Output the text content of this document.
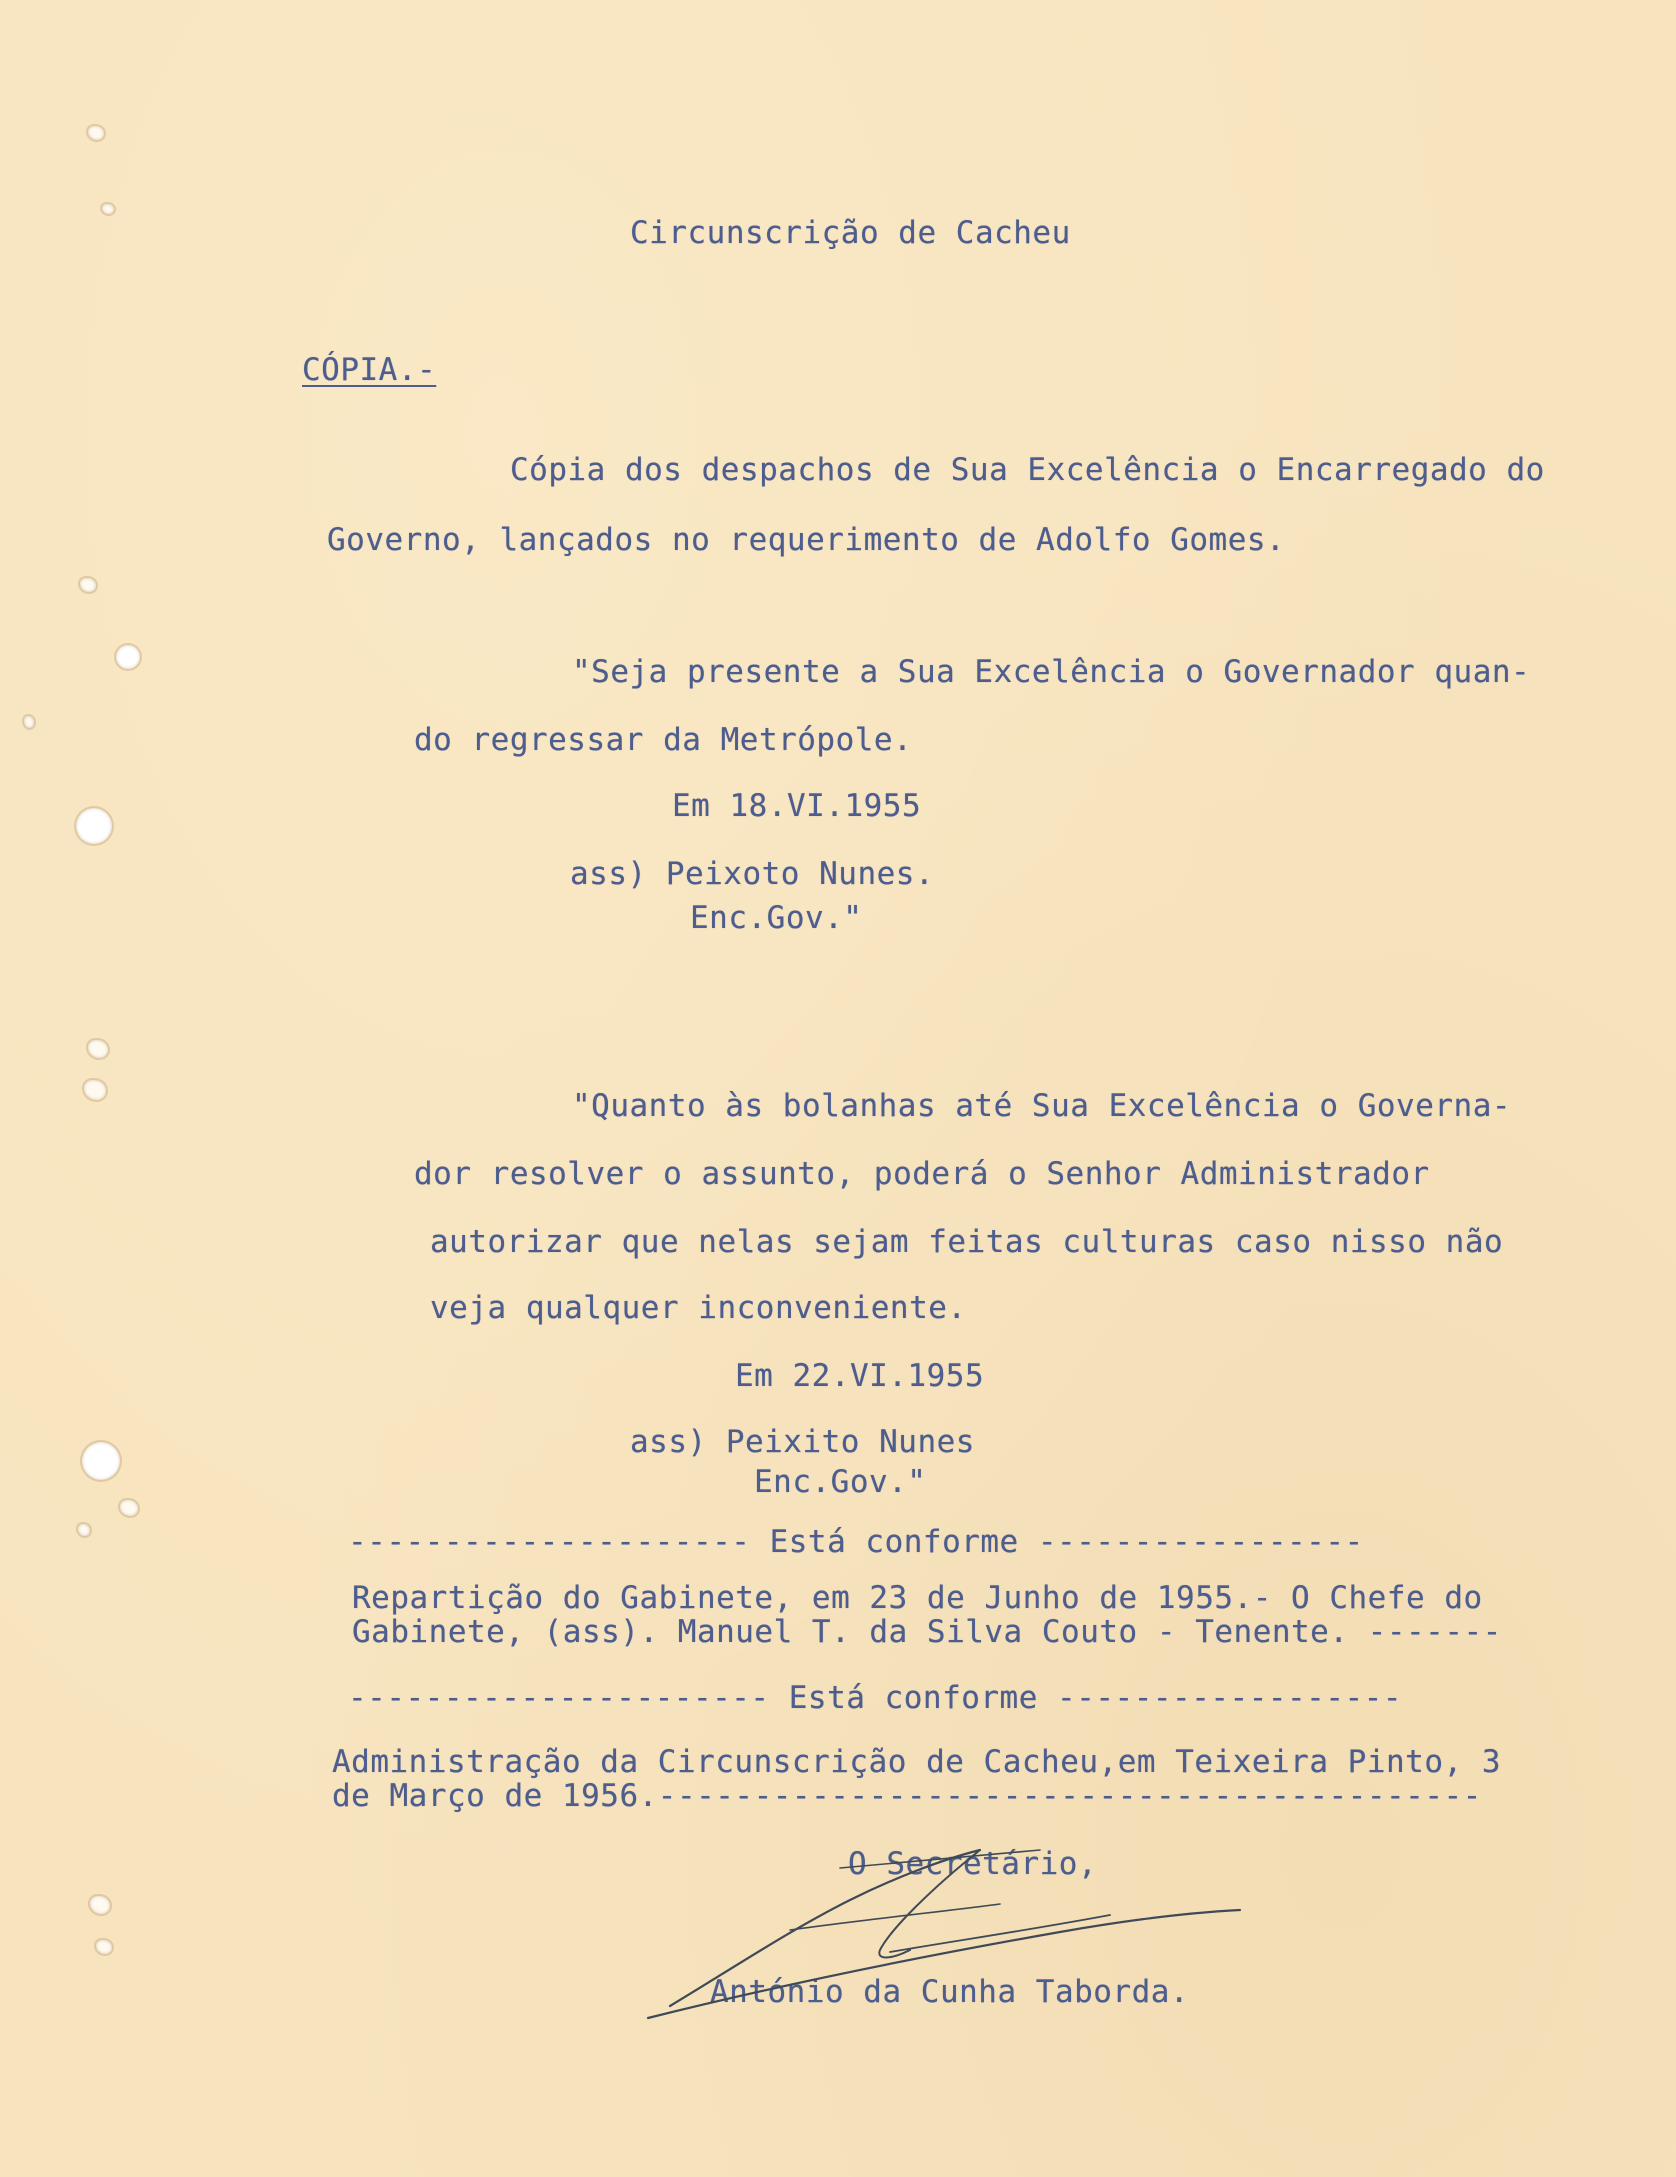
Circunscrição de Cacheu
CÓPIA.-
Cópia dos despachos de Sua Excelência o Encarregado do
Governo, lançados no requerimento de Adolfo Gomes.
"Seja presente a Sua Excelência o Governador quan-
do regressar da Metrópole.
Em 18.VI.1955
ass) Peixoto Nunes.
Enc.Gov."
"Quanto às bolanhas até Sua Excelência o Governa-
dor resolver o assunto, poderá o Senhor Administrador
autorizar que nelas sejam feitas culturas caso nisso não
veja qualquer inconveniente.
Em 22.VI.1955
ass) Peixito Nunes
Enc.Gov."
--------------------- Está conforme -----------------
Repartição do Gabinete, em 23 de Junho de 1955.- O Chefe do
Gabinete, (ass). Manuel T. da Silva Couto - Tenente. -------
---------------------- Está conforme ------------------
Administração da Circunscrição de Cacheu,em Teixeira Pinto, 3
de Março de 1956.-------------------------------------------
O Secretário,
António da Cunha Taborda.
